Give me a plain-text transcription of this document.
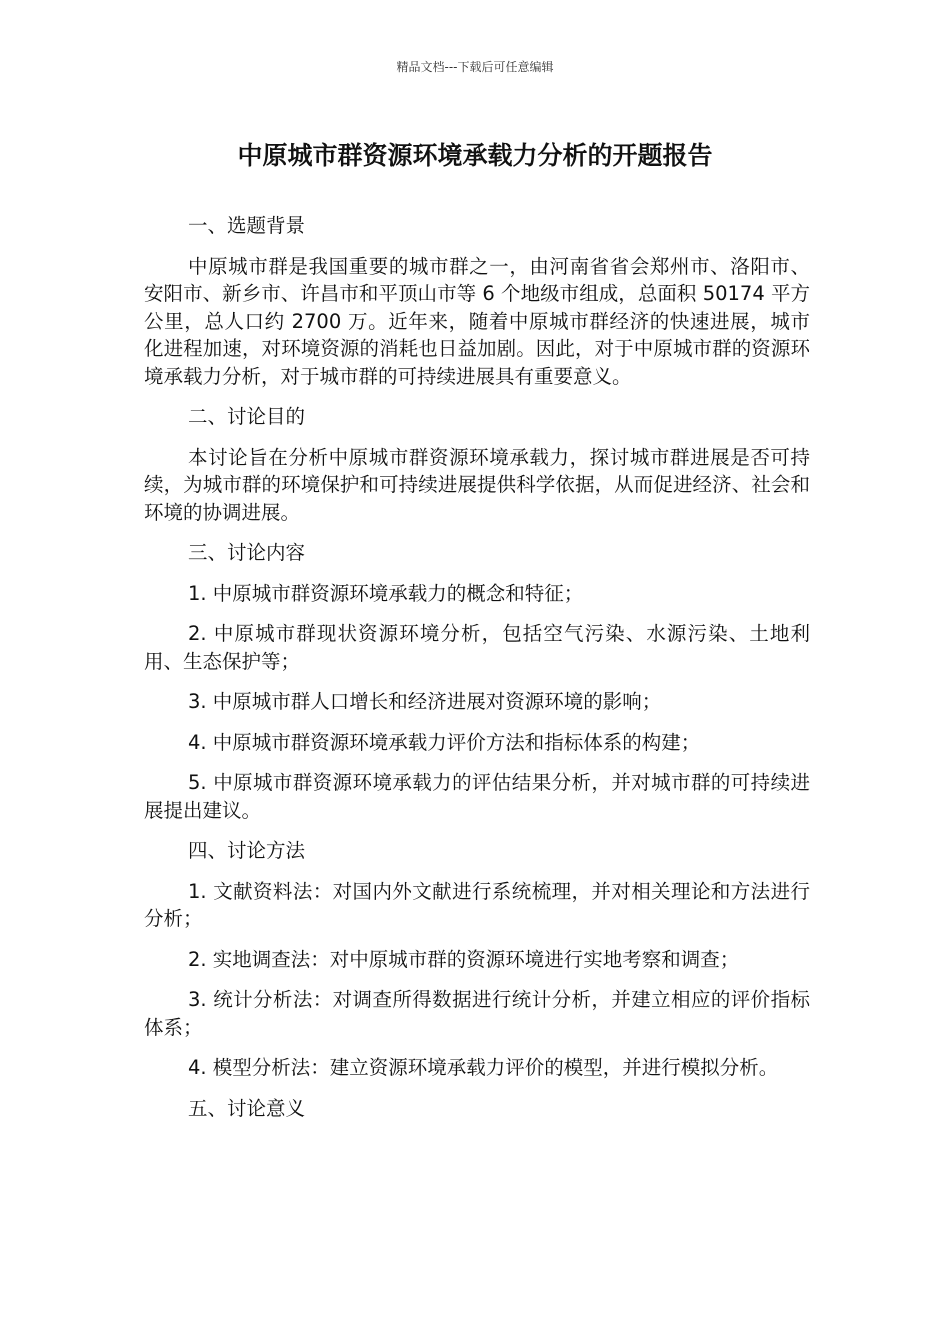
精品文档---下载后可任意编辑
中原城市群资源环境承载力分析的开题报告

一、选题背景

中原城市群是我国重要的城市群之一，由河南省省会郑州市、洛阳市、安阳市、新乡市、许昌市和平顶山市等 6 个地级市组成，总面积 50174 平方公里，总人口约 2700 万。近年来，随着中原城市群经济的快速进展，城市化进程加速，对环境资源的消耗也日益加剧。因此，对于中原城市群的资源环境承载力分析，对于城市群的可持续进展具有重要意义。

二、讨论目的

本讨论旨在分析中原城市群资源环境承载力，探讨城市群进展是否可持续，为城市群的环境保护和可持续进展提供科学依据，从而促进经济、社会和环境的协调进展。

三、讨论内容

1. 中原城市群资源环境承载力的概念和特征；

2. 中原城市群现状资源环境分析，包括空气污染、水源污染、土地利用、生态保护等；

3. 中原城市群人口增长和经济进展对资源环境的影响；

4. 中原城市群资源环境承载力评价方法和指标体系的构建；

5. 中原城市群资源环境承载力的评估结果分析，并对城市群的可持续进展提出建议。

四、讨论方法

1. 文献资料法：对国内外文献进行系统梳理，并对相关理论和方法进行分析；

2. 实地调查法：对中原城市群的资源环境进行实地考察和调查；

3. 统计分析法：对调查所得数据进行统计分析，并建立相应的评价指标体系；

4. 模型分析法：建立资源环境承载力评价的模型，并进行模拟分析。

五、讨论意义
